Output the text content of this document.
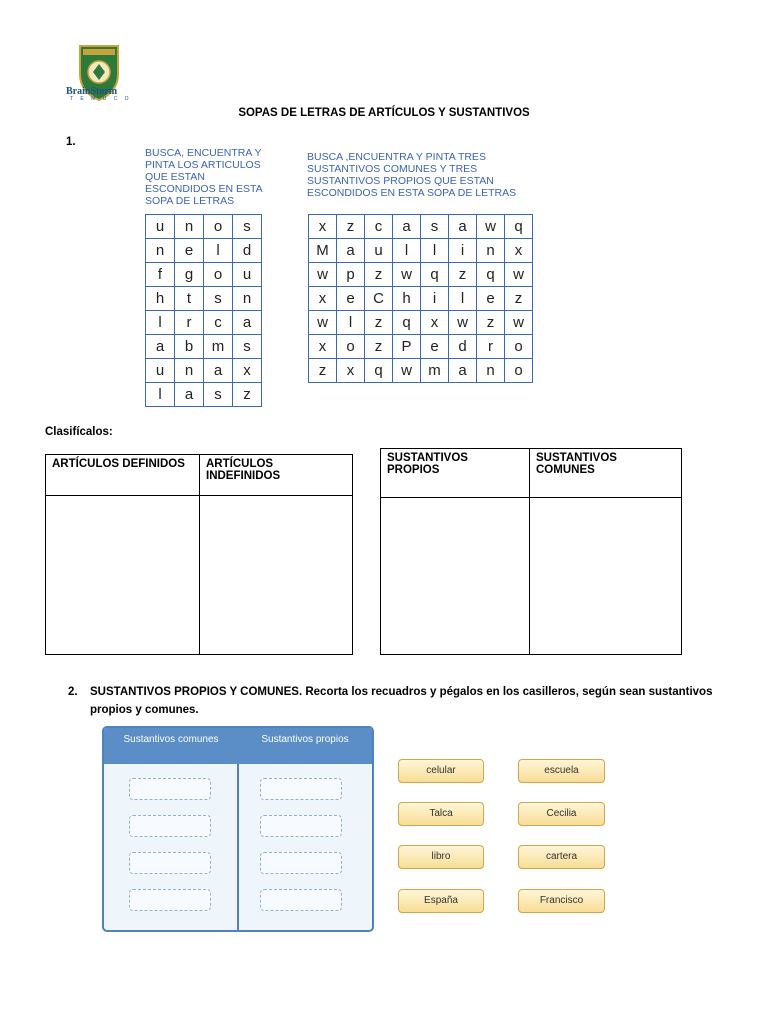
BrainStorm
T E M U C O
SOPAS DE LETRAS DE ARTÍCULOS Y SUSTANTIVOS
1.
BUSCA, ENCUENTRA Y PINTA LOS ARTICULOS QUE ESTAN ESCONDIDOS EN ESTA SOPA DE LETRAS
BUSCA ,ENCUENTRA Y PINTA TRES SUSTANTIVOS COMUNES Y TRES SUSTANTIVOS PROPIOS QUE ESTAN ESCONDIDOS EN ESTA SOPA DE LETRAS
u	n	o	s
n	e	l	d
f	g	o	u
h	t	s	n
l	r	c	a
a	b	m	s
u	n	a	x
l	a	s	z
x	z	c	a	s	a	w	q
M	a	u	l	l	i	n	x
w	p	z	w	q	z	q	w
x	e	C	h	i	l	e	z
w	l	z	q	x	w	z	w
x	o	z	P	e	d	r	o
z	x	q	w	m	a	n	o
Clasifícalos:
ARTÍCULOS DEFINIDOS	ARTÍCULOS INDEFINIDOS

SUSTANTIVOS PROPIOS	SUSTANTIVOS COMUNES

2. SUSTANTIVOS PROPIOS Y COMUNES. Recorta los recuadros y pégalos en los casilleros, según sean sustantivos
propios y comunes.
Sustantivos comunes	Sustantivos propios
celular	escuela
Talca	Cecilia
libro	cartera
España	Francisco
